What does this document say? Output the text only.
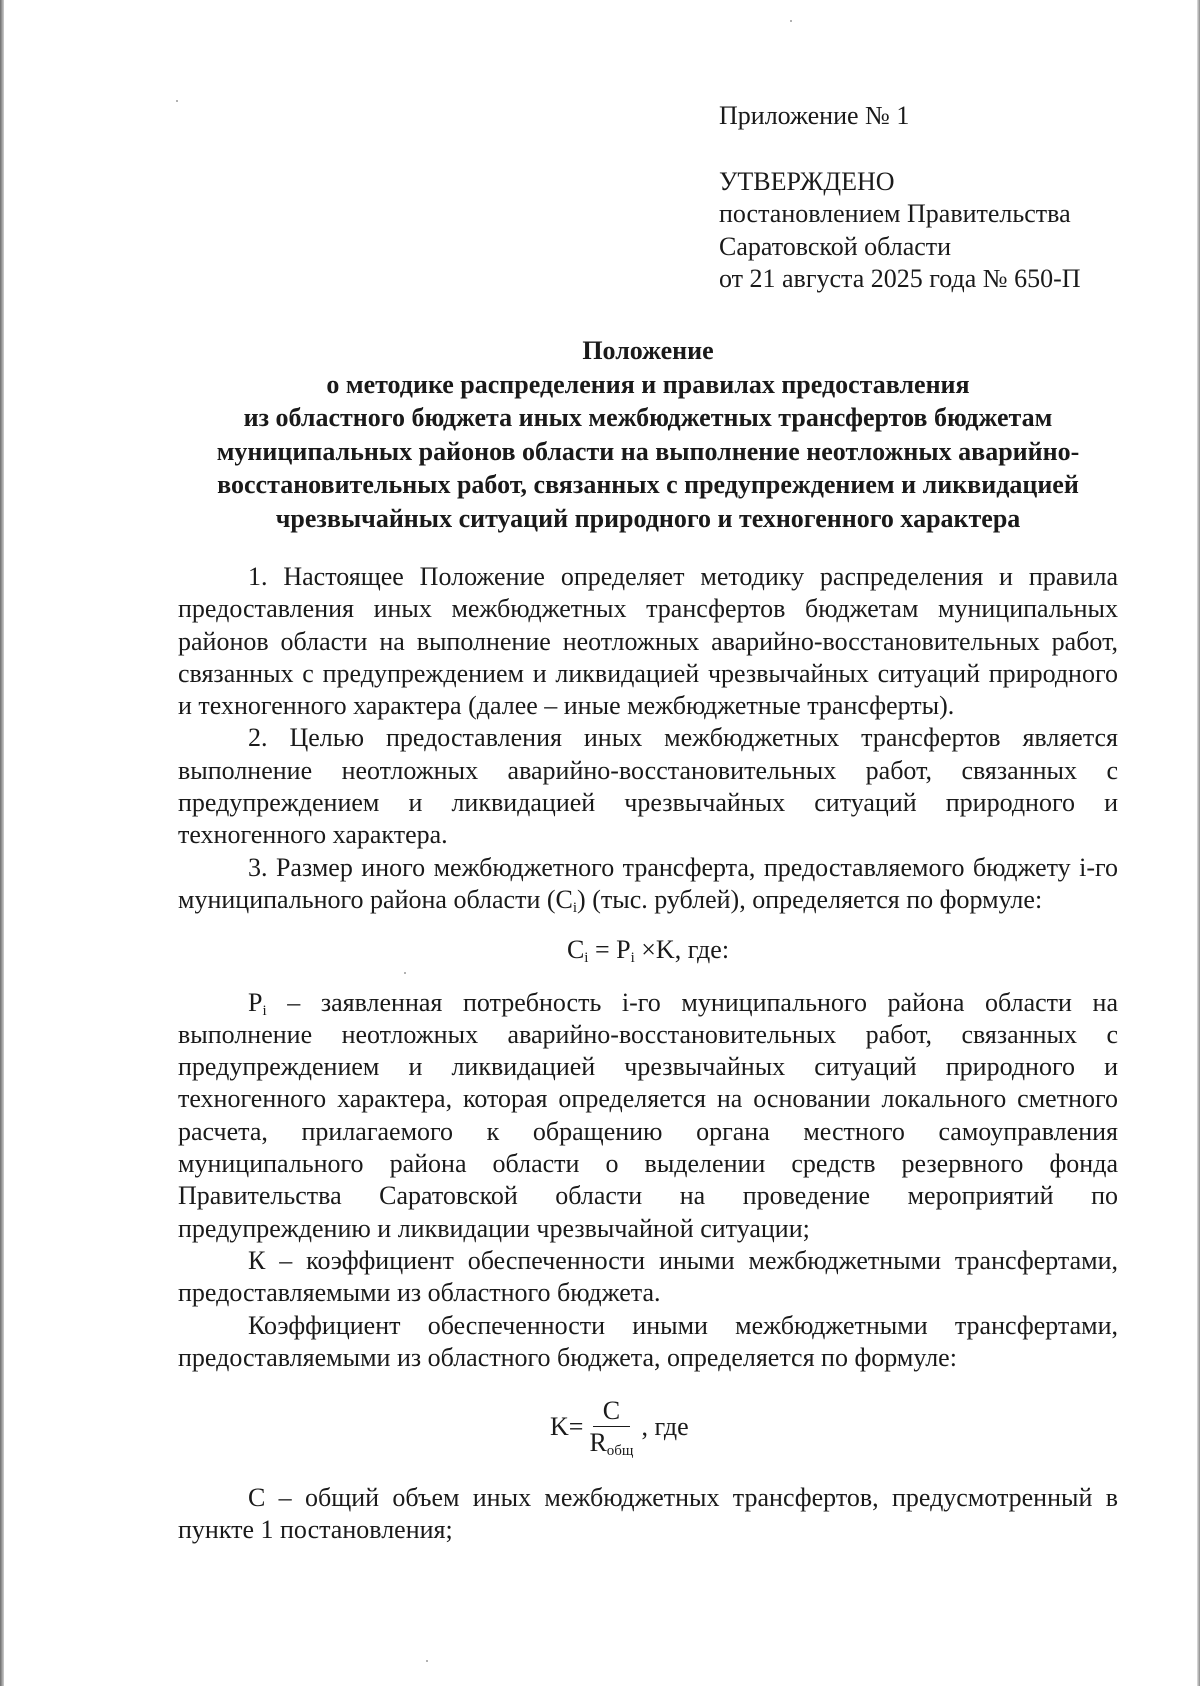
Приложение № 1
УТВЕРЖДЕНО
постановлением Правительства
Саратовской области
от 21 августа 2025 года № 650-П
Положение
о методике распределения и правилах предоставления
из областного бюджета иных межбюджетных трансфертов бюджетам
муниципальных районов области на выполнение неотложных аварийно-
восстановительных работ, связанных с предупреждением и ликвидацией
чрезвычайных ситуаций природного и техногенного характера

1. Настоящее Положение определяет методику распределения и правила предоставления иных межбюджетных трансфертов бюджетам муниципальных районов области на выполнение неотложных аварийно-восстановительных работ, связанных с предупреждением и ликвидацией чрезвычайных ситуаций природного и техногенного характера (далее – иные межбюджетные трансферты).

2. Целью предоставления иных межбюджетных трансфертов является выполнение неотложных аварийно-восстановительных работ, связанных с предупреждением и ликвидацией чрезвычайных ситуаций природного и техногенного характера.

3. Размер иного межбюджетного трансферта, предоставляемого бюджету i-го муниципального района области $(С_i)$ (тыс. рублей), определяется по формуле:

$C_i = P_i \times K$, где:

$P_i$ – заявленная потребность i-го муниципального района области на выполнение неотложных аварийно-восстановительных работ, связанных с предупреждением и ликвидацией чрезвычайных ситуаций природного и техногенного характера, которая определяется на основании локального сметного расчета, прилагаемого к обращению органа местного самоуправления муниципального района области о выделении средств резервного фонда Правительства Саратовской области на проведение мероприятий по предупреждению и ликвидации чрезвычайной ситуации;

К – коэффициент обеспеченности иными межбюджетными трансфертами, предоставляемыми из областного бюджета.

Коэффициент обеспеченности иными межбюджетными трансфертами, предоставляемыми из областного бюджета, определяется по формуле:

$K= \frac{C}{R_{общ}}$ , где

С – общий объем иных межбюджетных трансфертов, предусмотренный в пункте 1 постановления;
